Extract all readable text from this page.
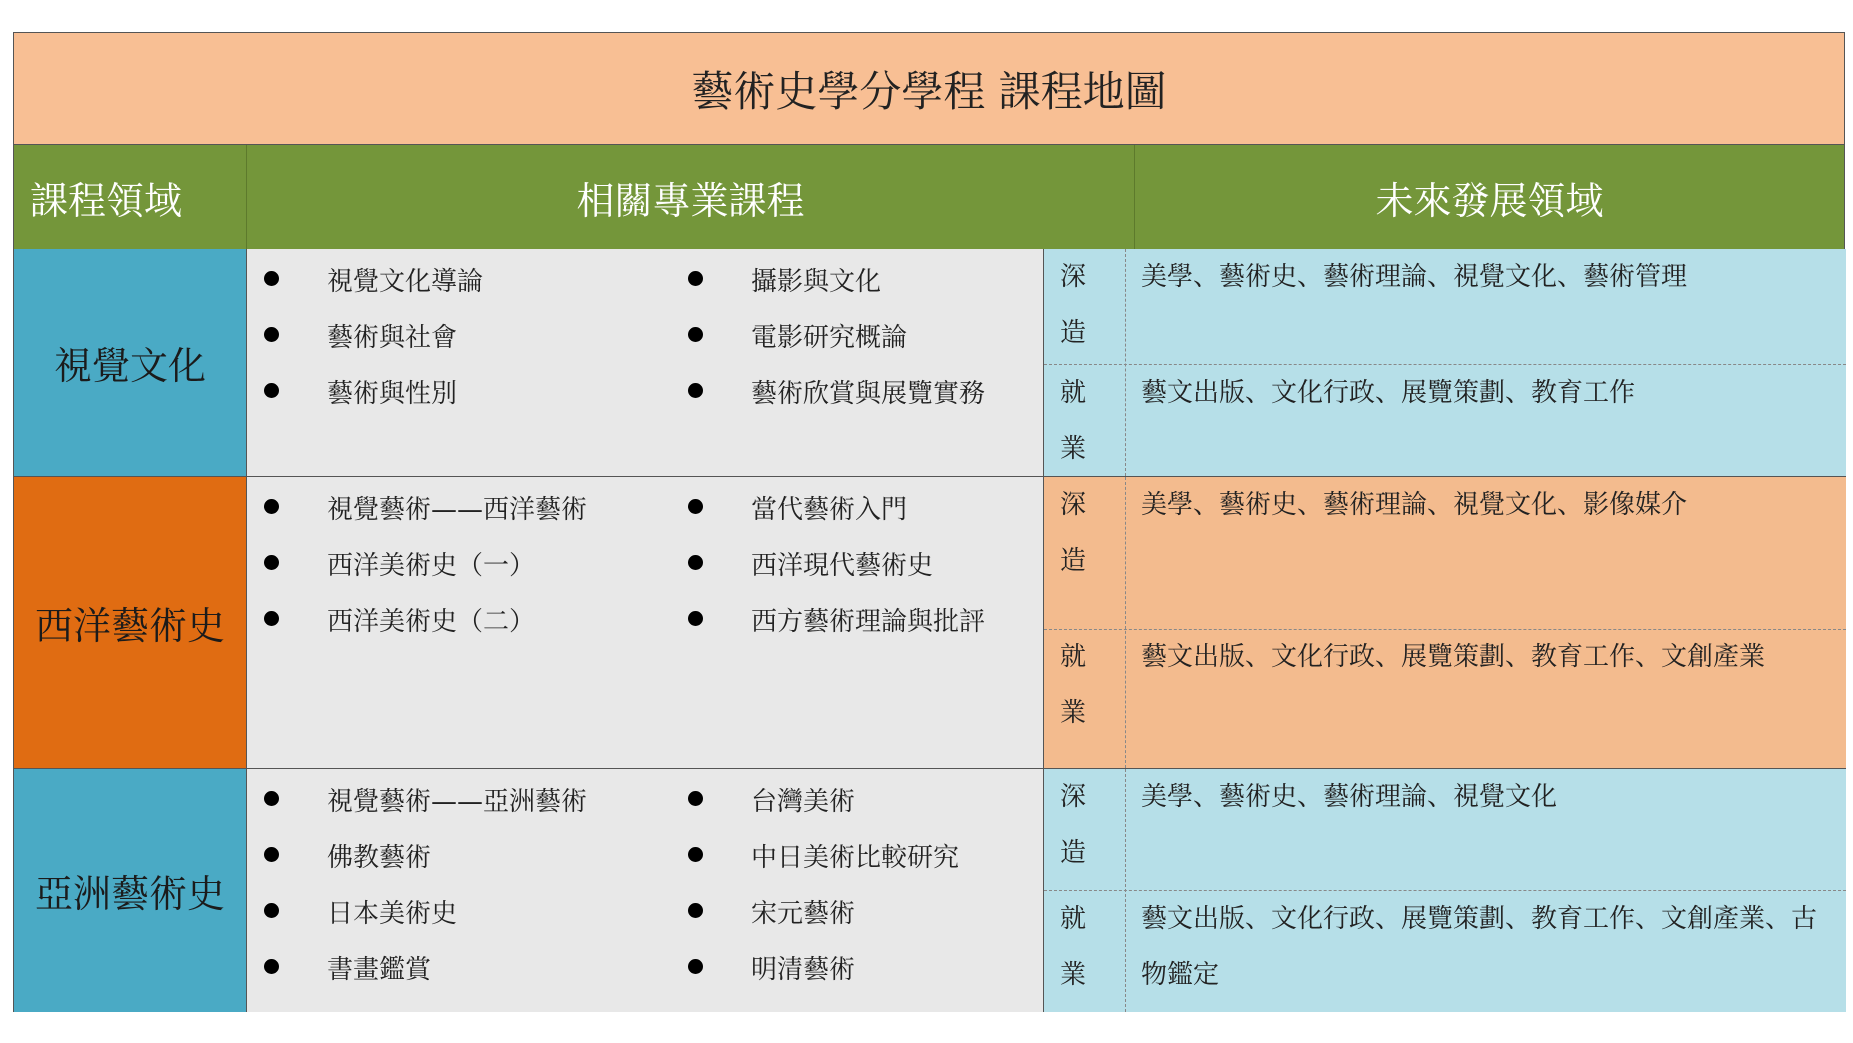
藝術史學分學程 課程地圖
課程領域	相關專業課程	未來發展領域
視覺文化
視覺文化導論
藝術與社會
藝術與性別
攝影與文化
電影研究概論
藝術欣賞與展覽實務
深造
美學、藝術史、藝術理論、視覺文化、藝術管理
就業
藝文出版、文化行政、展覽策劃、教育工作
西洋藝術史
視覺藝術——西洋藝術
西洋美術史（一）
西洋美術史（二）
當代藝術入門
西洋現代藝術史
西方藝術理論與批評
深造
美學、藝術史、藝術理論、視覺文化、影像媒介
就業
藝文出版、文化行政、展覽策劃、教育工作、文創產業
亞洲藝術史
視覺藝術——亞洲藝術
佛教藝術
日本美術史
書畫鑑賞
台灣美術
中日美術比較研究
宋元藝術
明清藝術
深造
美學、藝術史、藝術理論、視覺文化
就業
藝文出版、文化行政、展覽策劃、教育工作、文創產業、古物鑑定
